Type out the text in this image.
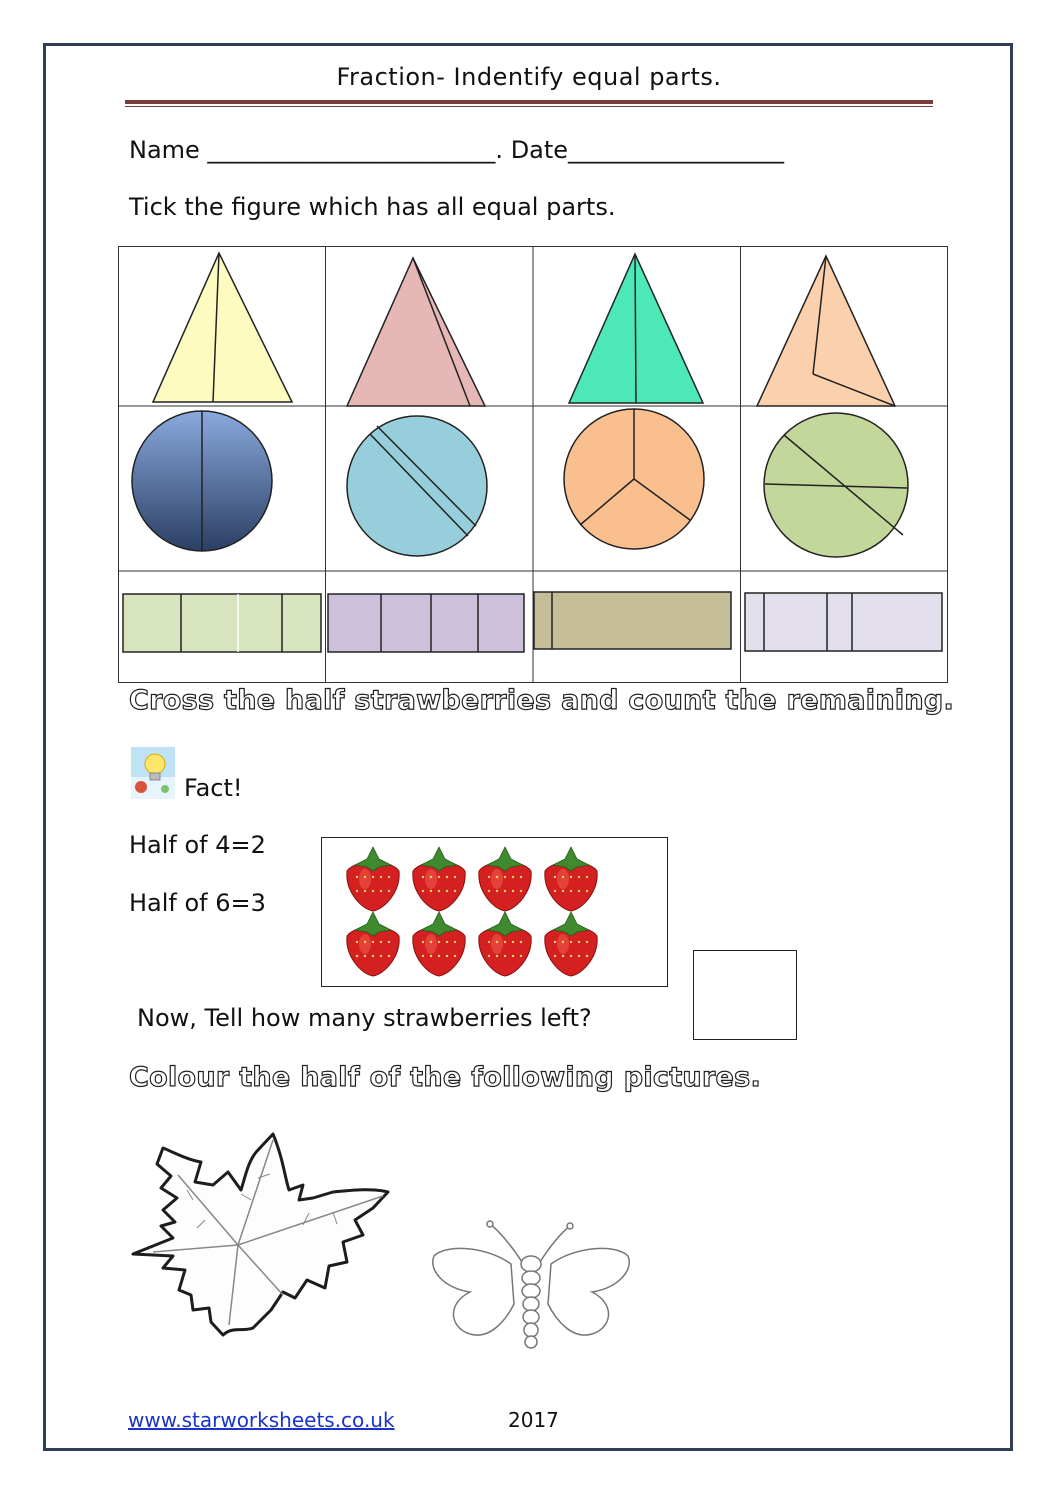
Fraction- Indentify equal parts.
Name ________________________. Date__________________
Tick the figure which has all equal parts.
Cross the half strawberries and count the remaining.
Fact!
Half of 4=2
Half of 6=3
Now, Tell how many strawberries left?
Colour the half of the following pictures.
www.starworksheets.co.uk	2017
